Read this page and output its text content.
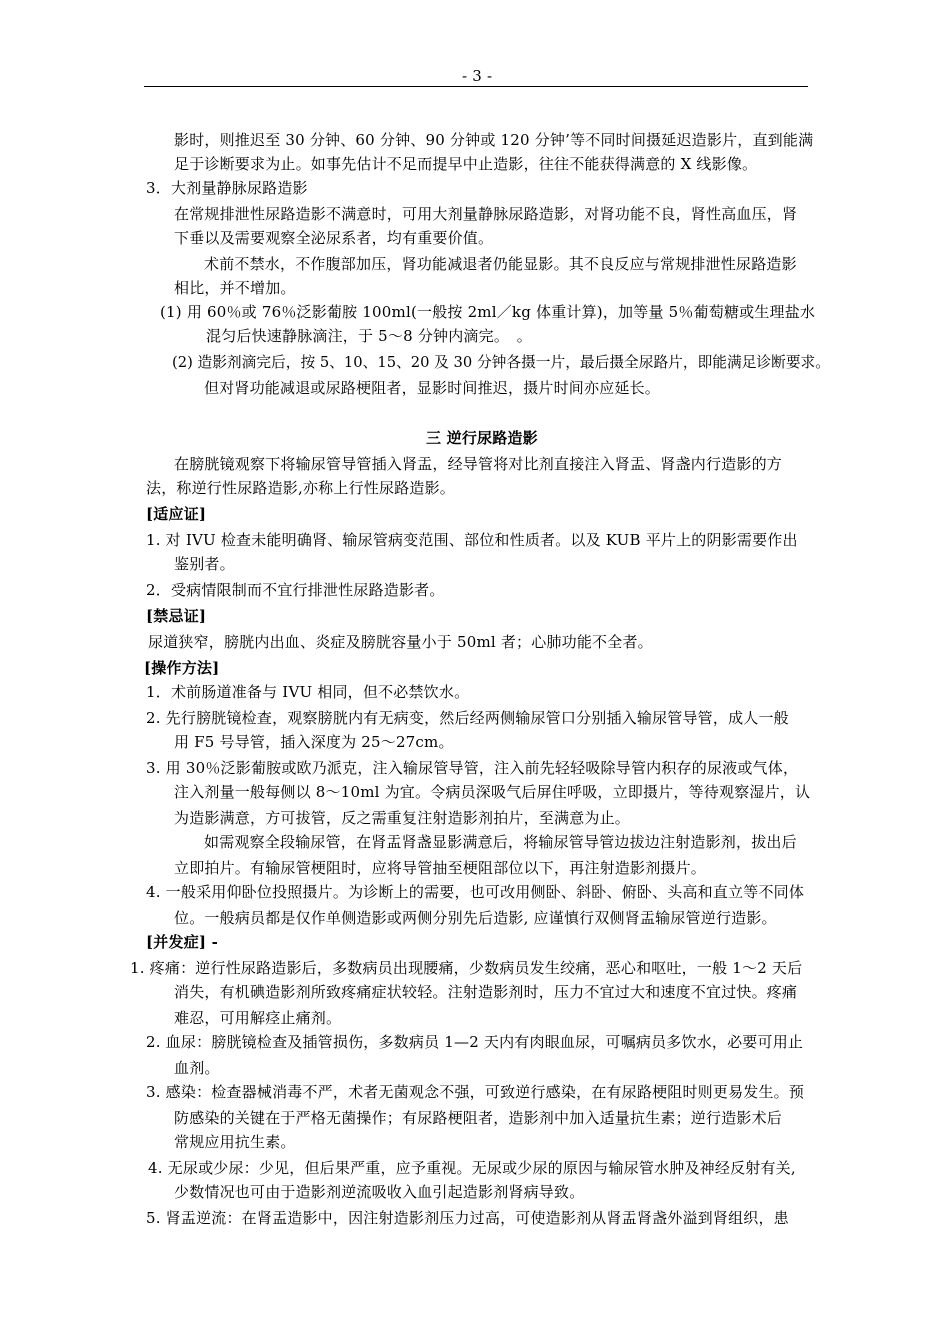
- 3 -
影时，则推迟至 30 分钟、60 分钟、90 分钟或 120 分钟’等不同时间摄延迟造影片，直到能满
足于诊断要求为止。如事先估计不足而提早中止造影，往往不能获得满意的 X 线影像。
3．大剂量静脉尿路造影
在常规排泄性尿路造影不满意时，可用大剂量静脉尿路造影，对肾功能不良，肾性高血压，肾
下垂以及需要观察全泌尿系者，均有重要价值。
术前不禁水，不作腹部加压，肾功能减退者仍能显影。其不良反应与常规排泄性尿路造影
相比，并不增加。
(1) 用 60％或 76％泛影葡胺 100ml(一般按 2ml／kg 体重计算)，加等量 5％葡萄糖或生理盐水
混匀后快速静脉滴注，于 5～8 分钟内滴完。　。
(2) 造影剂滴完后，按 5、10、15、20 及 30 分钟各摄一片，最后摄全尿路片，即能满足诊断要求。
但对肾功能减退或尿路梗阻者，显影时间推迟，摄片时间亦应延长。
三 逆行尿路造影
在膀胱镜观察下将输尿管导管插入肾盂，经导管将对比剂直接注入肾盂、肾盏内行造影的方
法，称逆行性尿路造影,亦称上行性尿路造影。
[适应证]
1. 对 IVU 检查未能明确肾、输尿管病变范围、部位和性质者。以及 KUB 平片上的阴影需要作出
鉴别者。
2．受病情限制而不宜行排泄性尿路造影者。
[禁忌证]
尿道狭窄，膀胱内出血、炎症及膀胱容量小于 50ml 者；心肺功能不全者。
[操作方法]
1．术前肠道准备与 IVU 相同，但不必禁饮水。
2. 先行膀胱镜检查，观察膀胱内有无病变，然后经两侧输尿管口分别插入输尿管导管，成人一般
用 F5 号导管，插入深度为 25～27cm。
3. 用 30％泛影葡胺或欧乃派克，注入输尿管导管，注入前先轻轻吸除导管内积存的尿液或气体，
注入剂量一般每侧以 8～10ml 为宜。令病员深吸气后屏住呼吸，立即摄片，等待观察湿片，认
为造影满意，方可拔管，反之需重复注射造影剂拍片，至满意为止。
如需观察全段输尿管，在肾盂肾盏显影满意后，将输尿管导管边拔边注射造影剂，拔出后
立即拍片。有输尿管梗阻时，应将导管抽至梗阻部位以下，再注射造影剂摄片。
4. 一般采用仰卧位投照摄片。为诊断上的需要，也可改用侧卧、斜卧、俯卧、头高和直立等不同体
位。一般病员都是仅作单侧造影或两侧分别先后造影, 应谨慎行双侧肾盂输尿管逆行造影。
[并发症] -
1. 疼痛：逆行性尿路造影后，多数病员出现腰痛，少数病员发生绞痛，恶心和呕吐，一般 1～2 天后
消失，有机碘造影剂所致疼痛症状较轻。注射造影剂时，压力不宜过大和速度不宜过快。疼痛
难忍，可用解痉止痛剂。
2. 血尿：膀胱镜检查及插管损伤，多数病员 1—2 天内有肉眼血尿，可嘱病员多饮水，必要可用止
血剂。
3. 感染：检查器械消毒不严，术者无菌观念不强，可致逆行感染，在有尿路梗阻时则更易发生。预
防感染的关键在于严格无菌操作；有尿路梗阻者，造影剂中加入适量抗生素；逆行造影术后
常规应用抗生素。
4. 无尿或少尿：少见，但后果严重，应予重视。无尿或少尿的原因与输尿管水肿及神经反射有关,
少数情况也可由于造影剂逆流吸收入血引起造影剂肾病导致。
5. 肾盂逆流：在肾盂造影中，因注射造影剂压力过高，可使造影剂从肾盂肾盏外溢到肾组织，患
